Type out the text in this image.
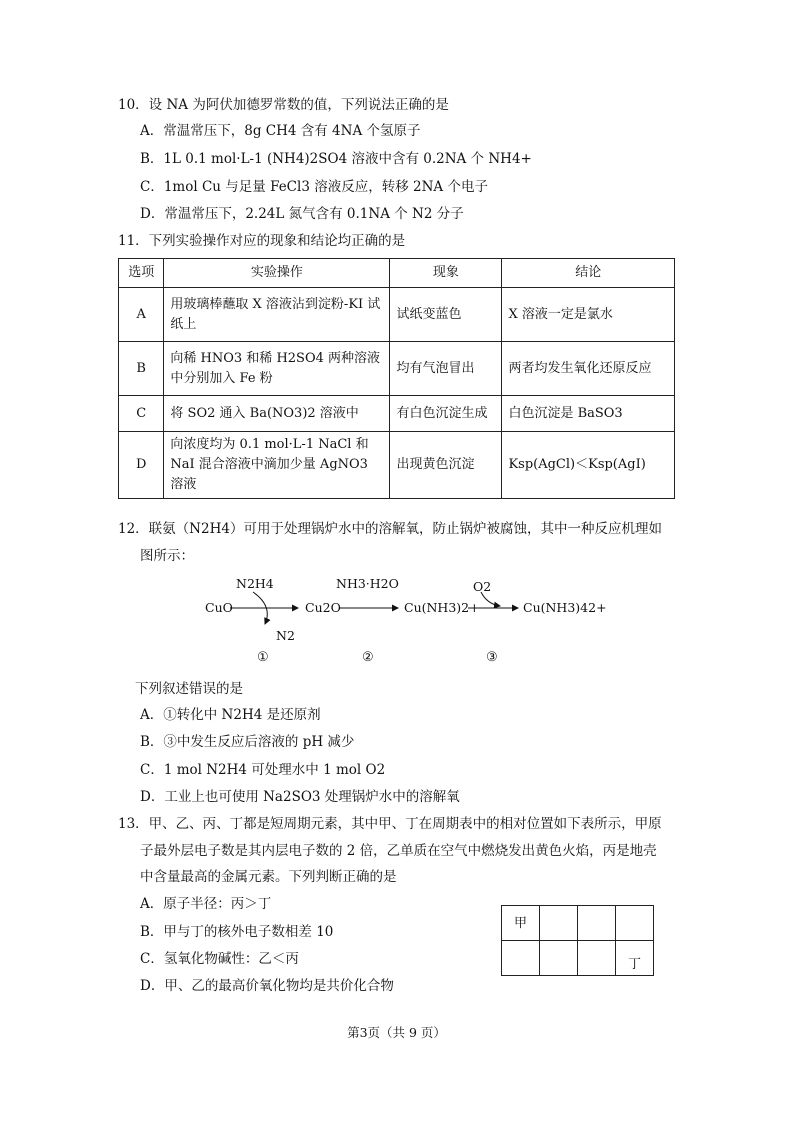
10．设 NA 为阿伏加德罗常数的值，下列说法正确的是
A．常温常压下，8g CH4 含有 4NA 个氢原子
B．1L 0.1 mol·L-1 (NH4)2SO4 溶液中含有 0.2NA 个 NH4+
C．1mol Cu 与足量 FeCl3 溶液反应，转移 2NA 个电子
D．常温常压下，2.24L 氮气含有 0.1NA 个 N2 分子
11．下列实验操作对应的现象和结论均正确的是
选项	实验操作	现象	结论
A	用玻璃棒蘸取 X 溶液沾到淀粉-KI 试纸上	试纸变蓝色	X 溶液一定是氯水
B	向稀 HNO3 和稀 H2SO4 两种溶液中分别加入 Fe 粉	均有气泡冒出	两者均发生氧化还原反应
C	将 SO2 通入 Ba(NO3)2 溶液中	有白色沉淀生成	白色沉淀是 BaSO3
D	向浓度均为 0.1 mol·L-1 NaCl 和 NaI 混合溶液中滴加少量 AgNO3 溶液	出现黄色沉淀	Ksp(AgCl)＜Ksp(AgI)
12．联氨（N2H4）可用于处理锅炉水中的溶解氧，防止锅炉被腐蚀，其中一种反应机理如
图所示：
CuO	Cu2O	Cu(NH3)2+	Cu(NH3)42+
N2H4	NH3·H2O	O2
N2
①	②	③
下列叙述错误的是
A．①转化中 N2H4 是还原剂
B．③中发生反应后溶液的 pH 减少
C．1 mol N2H4 可处理水中 1 mol O2
D．工业上也可使用 Na2SO3 处理锅炉水中的溶解氧
13．甲、乙、丙、丁都是短周期元素，其中甲、丁在周期表中的相对位置如下表所示，甲原
子最外层电子数是其内层电子数的 2 倍，乙单质在空气中燃烧发出黄色火焰，丙是地壳
中含量最高的金属元素。下列判断正确的是
A．原子半径：丙＞丁
B．甲与丁的核外电子数相差 10
C．氢氧化物碱性：乙＜丙
D．甲、乙的最高价氧化物均是共价化合物
甲			

			丁
第3页（共 9 页）
